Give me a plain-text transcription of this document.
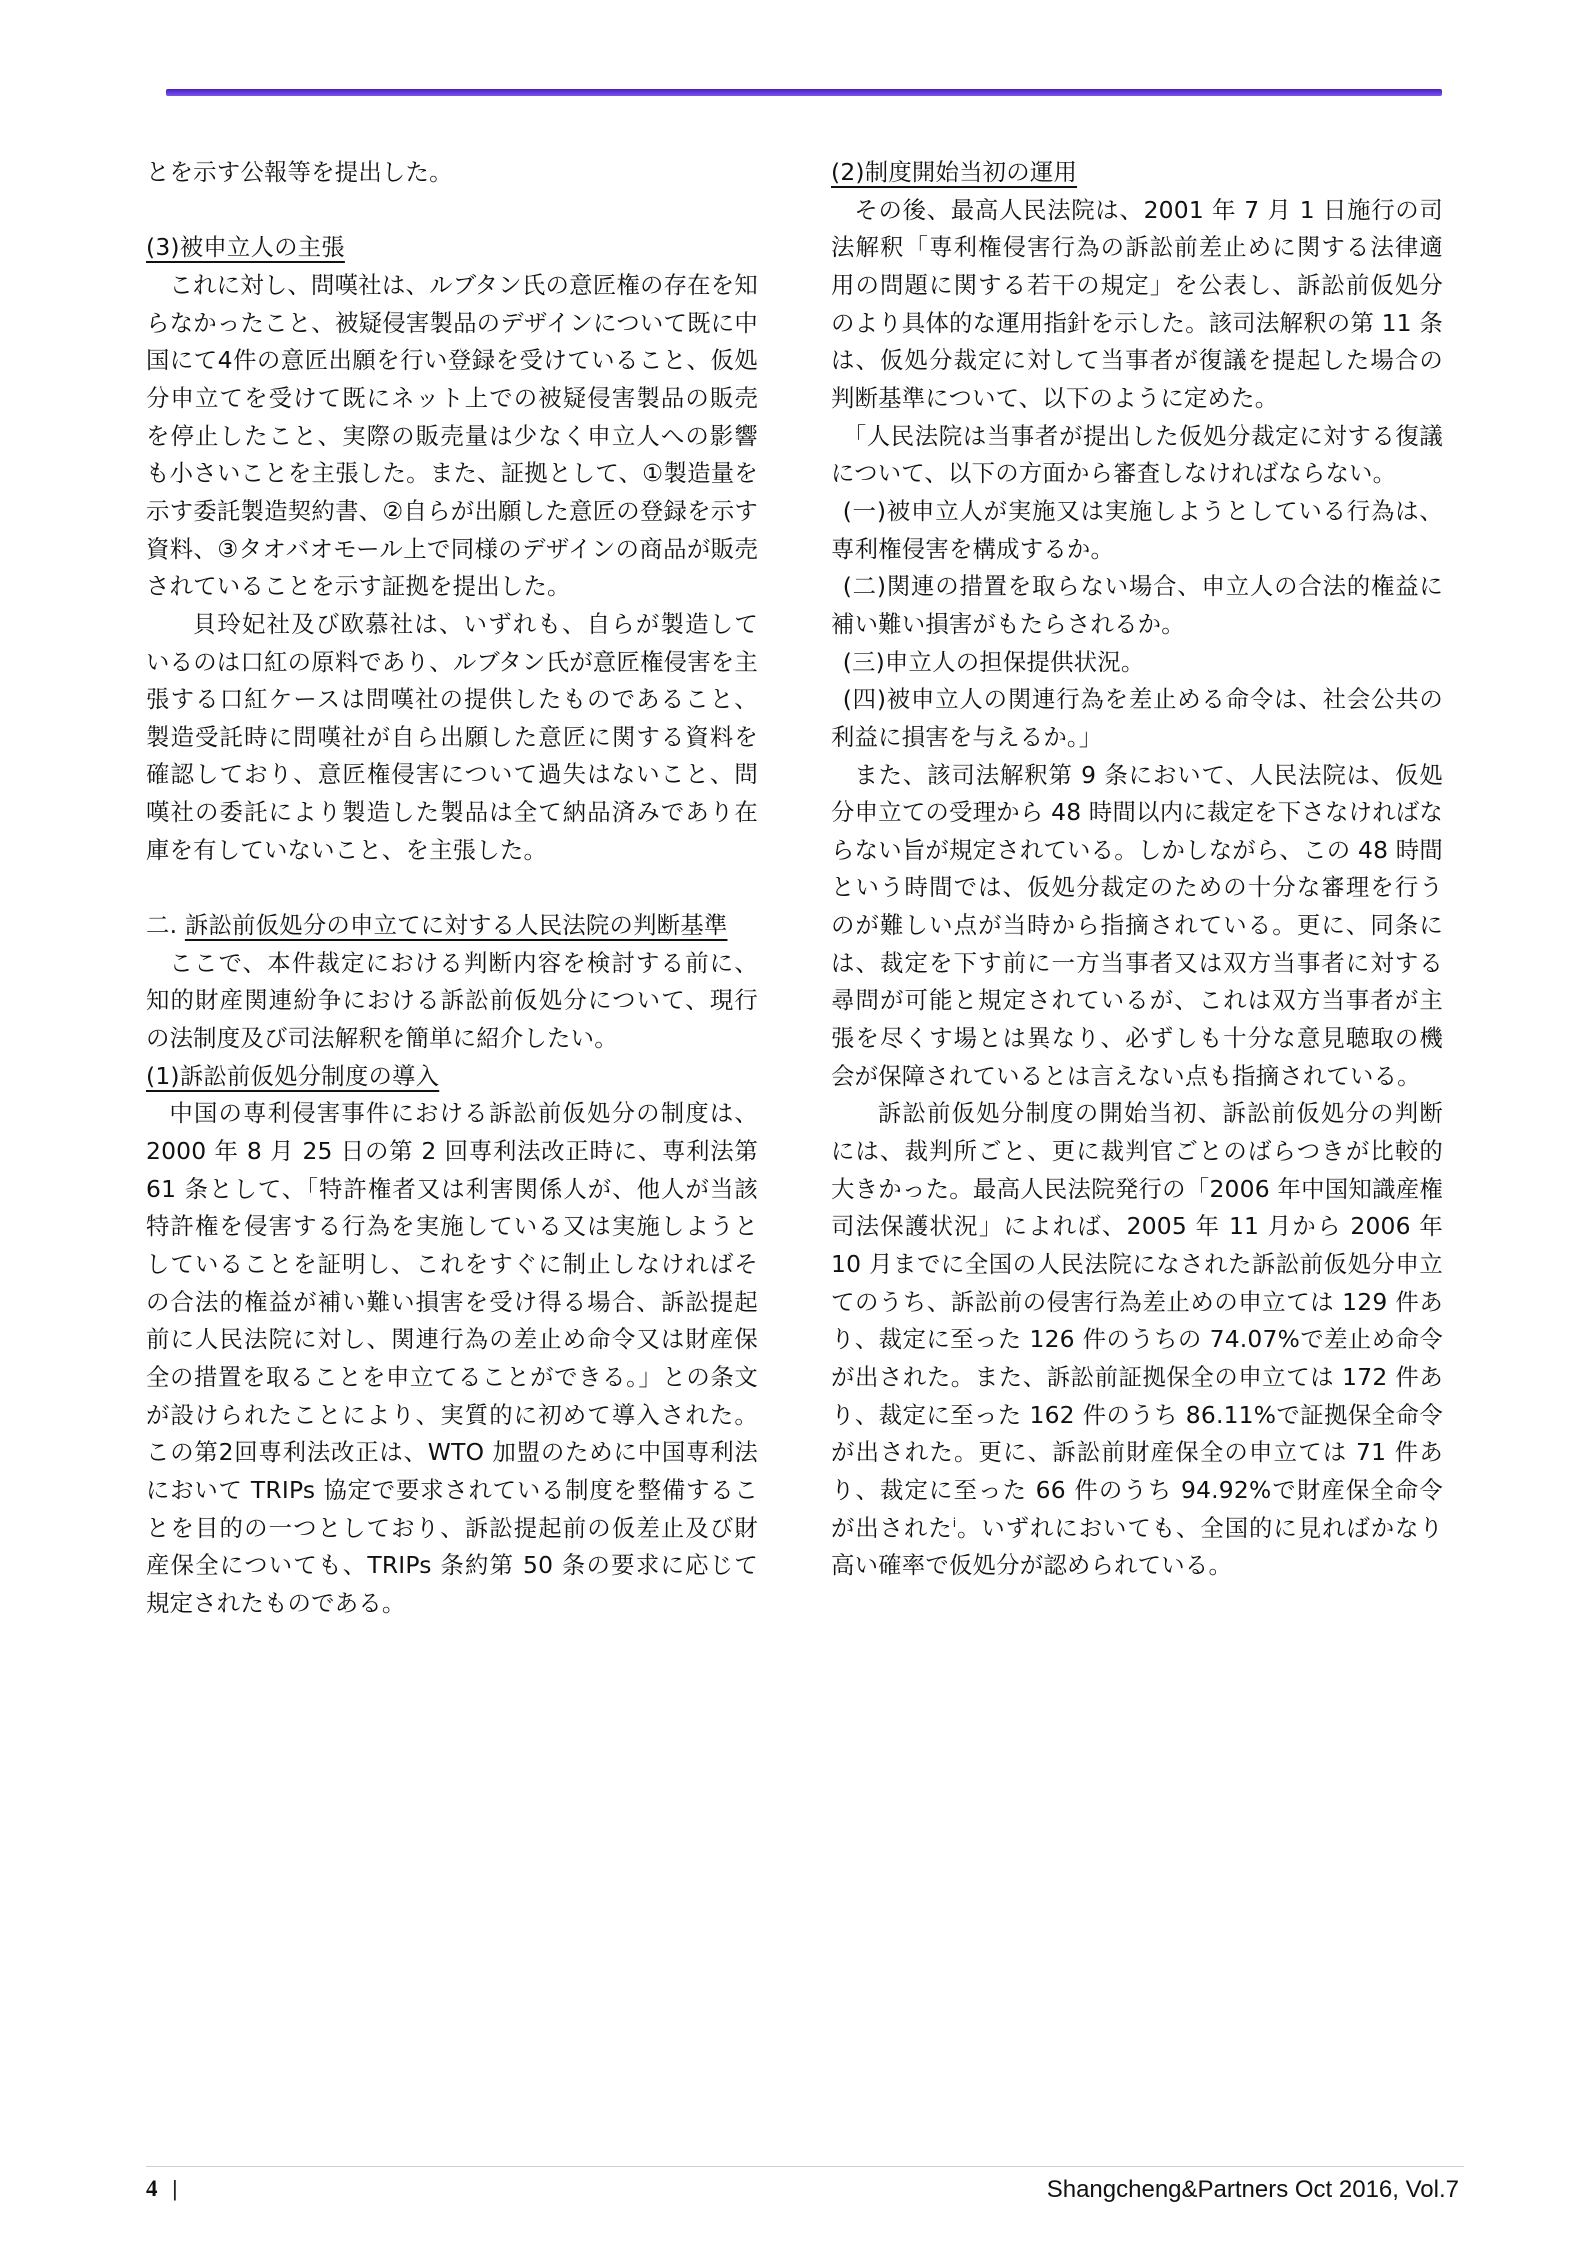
とを示す公報等を提出した。

(3)被申立人の主張

これに対し、問嘆社は、ルブタン氏の意匠権の存在を知らなかったこと、被疑侵害製品のデザインについて既に中国にて4件の意匠出願を行い登録を受けていること、仮処分申立てを受けて既にネット上での被疑侵害製品の販売を停止したこと、実際の販売量は少なく申立人への影響も小さいことを主張した。また、証拠として、①製造量を示す委託製造契約書、②自らが出願した意匠の登録を示す資料、③タオバオモール上で同様のデザインの商品が販売されていることを示す証拠を提出した。

貝玲妃社及び欧慕社は、いずれも、自らが製造しているのは口紅の原料であり、ルブタン氏が意匠権侵害を主張する口紅ケースは問嘆社の提供したものであること、製造受託時に問嘆社が自ら出願した意匠に関する資料を確認しており、意匠権侵害について過失はないこと、問嘆社の委託により製造した製品は全て納品済みであり在庫を有していないこと、を主張した。

二. 訴訟前仮処分の申立てに対する人民法院の判断基準

ここで、本件裁定における判断内容を検討する前に、知的財産関連紛争における訴訟前仮処分について、現行の法制度及び司法解釈を簡単に紹介したい。

(1)訴訟前仮処分制度の導入

中国の専利侵害事件における訴訟前仮処分の制度は、2000 年 8 月 25 日の第 2 回専利法改正時に、専利法第 61 条として、「特許権者又は利害関係人が、他人が当該特許権を侵害する行為を実施している又は実施しようとしていることを証明し、これをすぐに制止しなければその合法的権益が補い難い損害を受け得る場合、訴訟提起前に人民法院に対し、関連行為の差止め命令又は財産保全の措置を取ることを申立てることができる。」との条文が設けられたことにより、実質的に初めて導入された。この第2回専利法改正は、WTO 加盟のために中国専利法において TRIPs 協定で要求されている制度を整備することを目的の一つとしており、訴訟提起前の仮差止及び財産保全についても、TRIPs 条約第 50 条の要求に応じて規定されたものである。

(2)制度開始当初の運用

その後、最高人民法院は、2001 年 7 月 1 日施行の司法解釈「専利権侵害行為の訴訟前差止めに関する法律適用の問題に関する若干の規定」を公表し、訴訟前仮処分のより具体的な運用指針を示した。該司法解釈の第 11 条は、仮処分裁定に対して当事者が復議を提起した場合の判断基準について、以下のように定めた。

「人民法院は当事者が提出した仮処分裁定に対する復議について、以下の方面から審査しなければならない。

(一)被申立人が実施又は実施しようとしている行為は、専利権侵害を構成するか。

(二)関連の措置を取らない場合、申立人の合法的権益に補い難い損害がもたらされるか。

(三)申立人の担保提供状況。

(四)被申立人の関連行為を差止める命令は、社会公共の利益に損害を与えるか。」

また、該司法解釈第 9 条において、人民法院は、仮処分申立ての受理から 48 時間以内に裁定を下さなければならない旨が規定されている。しかしながら、この 48 時間という時間では、仮処分裁定のための十分な審理を行うのが難しい点が当時から指摘されている。更に、同条には、裁定を下す前に一方当事者又は双方当事者に対する尋問が可能と規定されているが、これは双方当事者が主張を尽くす場とは異なり、必ずしも十分な意見聴取の機会が保障されているとは言えない点も指摘されている。

訴訟前仮処分制度の開始当初、訴訟前仮処分の判断には、裁判所ごと、更に裁判官ごとのばらつきが比較的大きかった。最高人民法院発行の「2006 年中国知識産権司法保護状況」によれば、2005 年 11 月から 2006 年 10 月までに全国の人民法院になされた訴訟前仮処分申立てのうち、訴訟前の侵害行為差止めの申立ては 129 件あり、裁定に至った 126 件のうちの 74.07%で差止め命令が出された。また、訴訟前証拠保全の申立ては 172 件あり、裁定に至った 162 件のうち 86.11%で証拠保全命令が出された。更に、訴訟前財産保全の申立ては 71 件あり、裁定に至った 66 件のうち 94.92%で財産保全命令が出された$^i$。いずれにおいても、全国的に見ればかなり高い確率で仮処分が認められている。

4 |	Shangcheng&Partners Oct 2016, Vol.7
